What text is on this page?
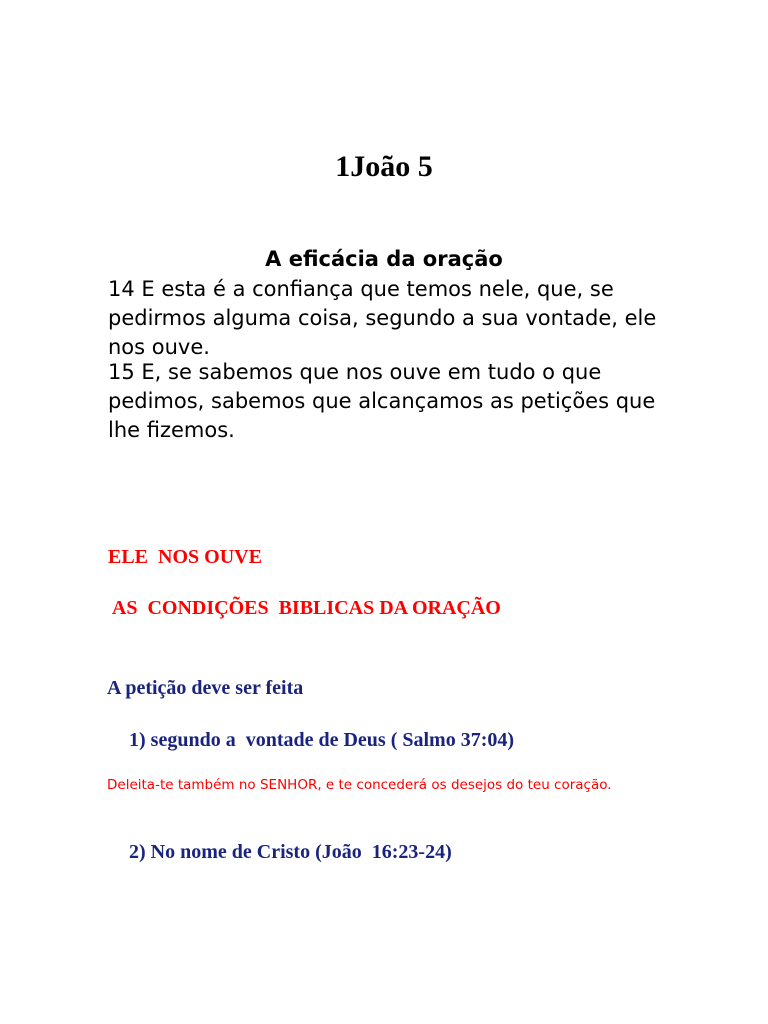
1João 5
A eficácia da oração

14 E esta é a confiança que temos nele, que, se pedirmos alguma coisa, segundo a sua vontade, ele nos ouve.

15 E, se sabemos que nos ouve em tudo o que pedimos, sabemos que alcançamos as petições que lhe fizemos.

ELE  NOS OUVE
AS  CONDIÇÕES  BIBLICAS DA ORAÇÃO
A petição deve ser feita
1) segundo a  vontade de Deus ( Salmo 37:04)

Deleita-te também no SENHOR, e te concederá os desejos do teu coração.

2) No nome de Cristo (João  16:23-24)
